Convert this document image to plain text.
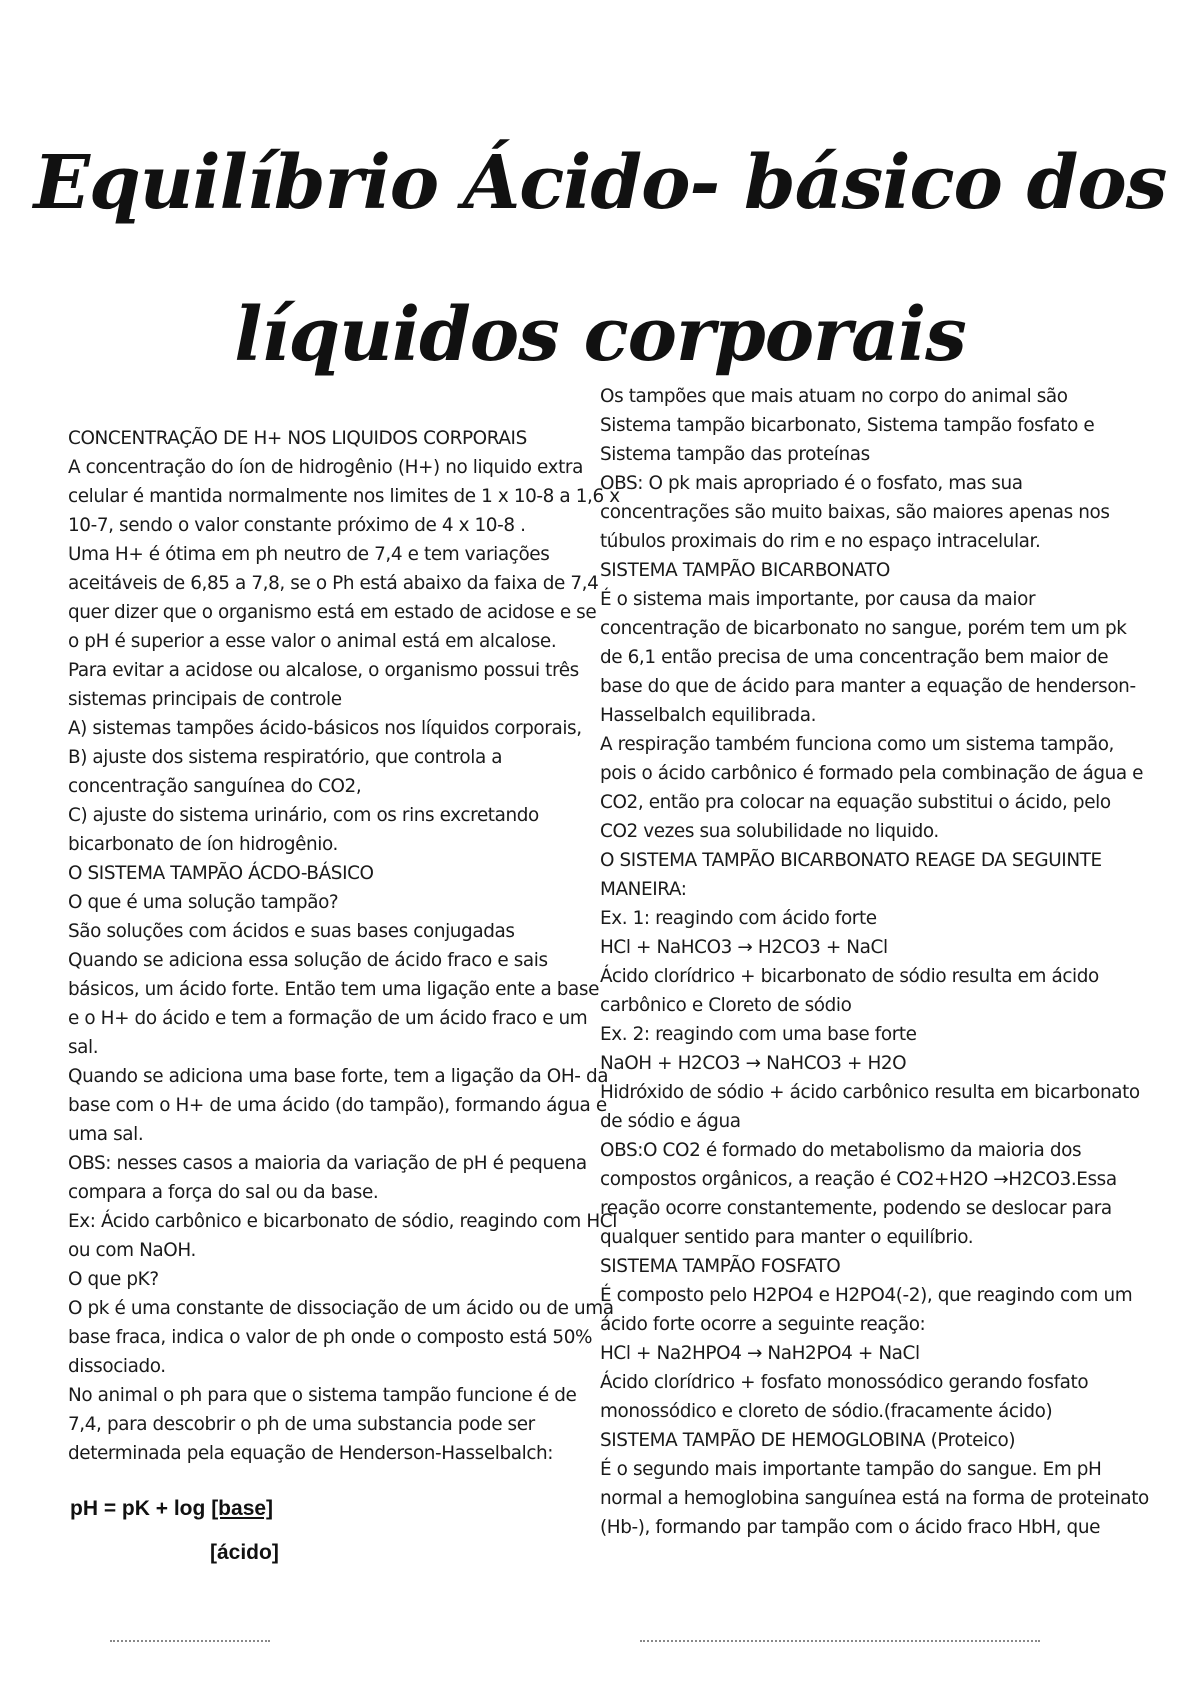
Equilíbrio Ácido- básico dos
líquidos corporais
CONCENTRAÇÃO DE H+ NOS LIQUIDOS CORPORAIS
A concentração do íon de hidrogênio (H+) no liquido extra
celular é mantida normalmente nos limites de 1 x 10-8 a 1,6 x
10-7, sendo o valor constante próximo de 4 x 10-8 .
Uma H+ é ótima em ph neutro de 7,4 e tem variações
aceitáveis de 6,85 a 7,8, se o Ph está abaixo da faixa de 7,4
quer dizer que o organismo está em estado de acidose e se
o pH é superior a esse valor o animal está em alcalose.
Para evitar a acidose ou alcalose, o organismo possui três
sistemas principais de controle
A) sistemas tampões ácido-básicos nos líquidos corporais,
B) ajuste dos sistema respiratório, que controla a
concentração sanguínea do CO2,
C) ajuste do sistema urinário, com os rins excretando
bicarbonato de íon hidrogênio.
O SISTEMA TAMPÃO ÁCDO-BÁSICO
O que é uma solução tampão?
São soluções com ácidos e suas bases conjugadas
Quando se adiciona essa solução de ácido fraco e sais
básicos, um ácido forte. Então tem uma ligação ente a base
e o H+ do ácido e tem a formação de um ácido fraco e um
sal.
Quando se adiciona uma base forte, tem a ligação da OH- da
base com o H+ de uma ácido (do tampão), formando água e
uma sal.
OBS: nesses casos a maioria da variação de pH é pequena
compara a força do sal ou da base.
Ex: Ácido carbônico e bicarbonato de sódio, reagindo com HCl
ou com NaOH.
O que pK?
O pk é uma constante de dissociação de um ácido ou de uma
base fraca, indica o valor de ph onde o composto está 50%
dissociado.
No animal o ph para que o sistema tampão funcione é de
7,4, para descobrir o ph de uma substancia pode ser
determinada pela equação de Henderson-Hasselbalch:
Os tampões que mais atuam no corpo do animal são
Sistema tampão bicarbonato, Sistema tampão fosfato e
Sistema tampão das proteínas
OBS: O pk mais apropriado é o fosfato, mas sua
concentrações são muito baixas, são maiores apenas nos
túbulos proximais do rim e no espaço intracelular.
SISTEMA TAMPÃO BICARBONATO
É o sistema mais importante, por causa da maior
concentração de bicarbonato no sangue, porém tem um pk
de 6,1 então precisa de uma concentração bem maior de
base do que de ácido para manter a equação de henderson-
Hasselbalch equilibrada.
A respiração também funciona como um sistema tampão,
pois o ácido carbônico é formado pela combinação de água e
CO2, então pra colocar na equação substitui o ácido, pelo
CO2 vezes sua solubilidade no liquido.
O SISTEMA TAMPÃO BICARBONATO REAGE DA SEGUINTE
MANEIRA:
Ex. 1: reagindo com ácido forte
HCl + NaHCO3 → H2CO3 + NaCl
Ácido clorídrico + bicarbonato de sódio resulta em ácido
carbônico e Cloreto de sódio
Ex. 2: reagindo com uma base forte
NaOH + H2CO3 → NaHCO3 + H2O
Hidróxido de sódio + ácido carbônico resulta em bicarbonato
de sódio e água
OBS:O CO2 é formado do metabolismo da maioria dos
compostos orgânicos, a reação é CO2+H2O →H2CO3.Essa
reação ocorre constantemente, podendo se deslocar para
qualquer sentido para manter o equilíbrio.
SISTEMA TAMPÃO FOSFATO
É composto pelo H2PO4 e H2PO4(-2), que reagindo com um
ácido forte ocorre a seguinte reação:
HCl + Na2HPO4 → NaH2PO4 + NaCl
Ácido clorídrico + fosfato monossódico gerando fosfato
monossódico e cloreto de sódio.(fracamente ácido)
SISTEMA TAMPÃO DE HEMOGLOBINA (Proteico)
É o segundo mais importante tampão do sangue. Em pH
normal a hemoglobina sanguínea está na forma de proteinato
(Hb-), formando par tampão com o ácido fraco HbH, que
pH = pK + log [base]
[ácido]
